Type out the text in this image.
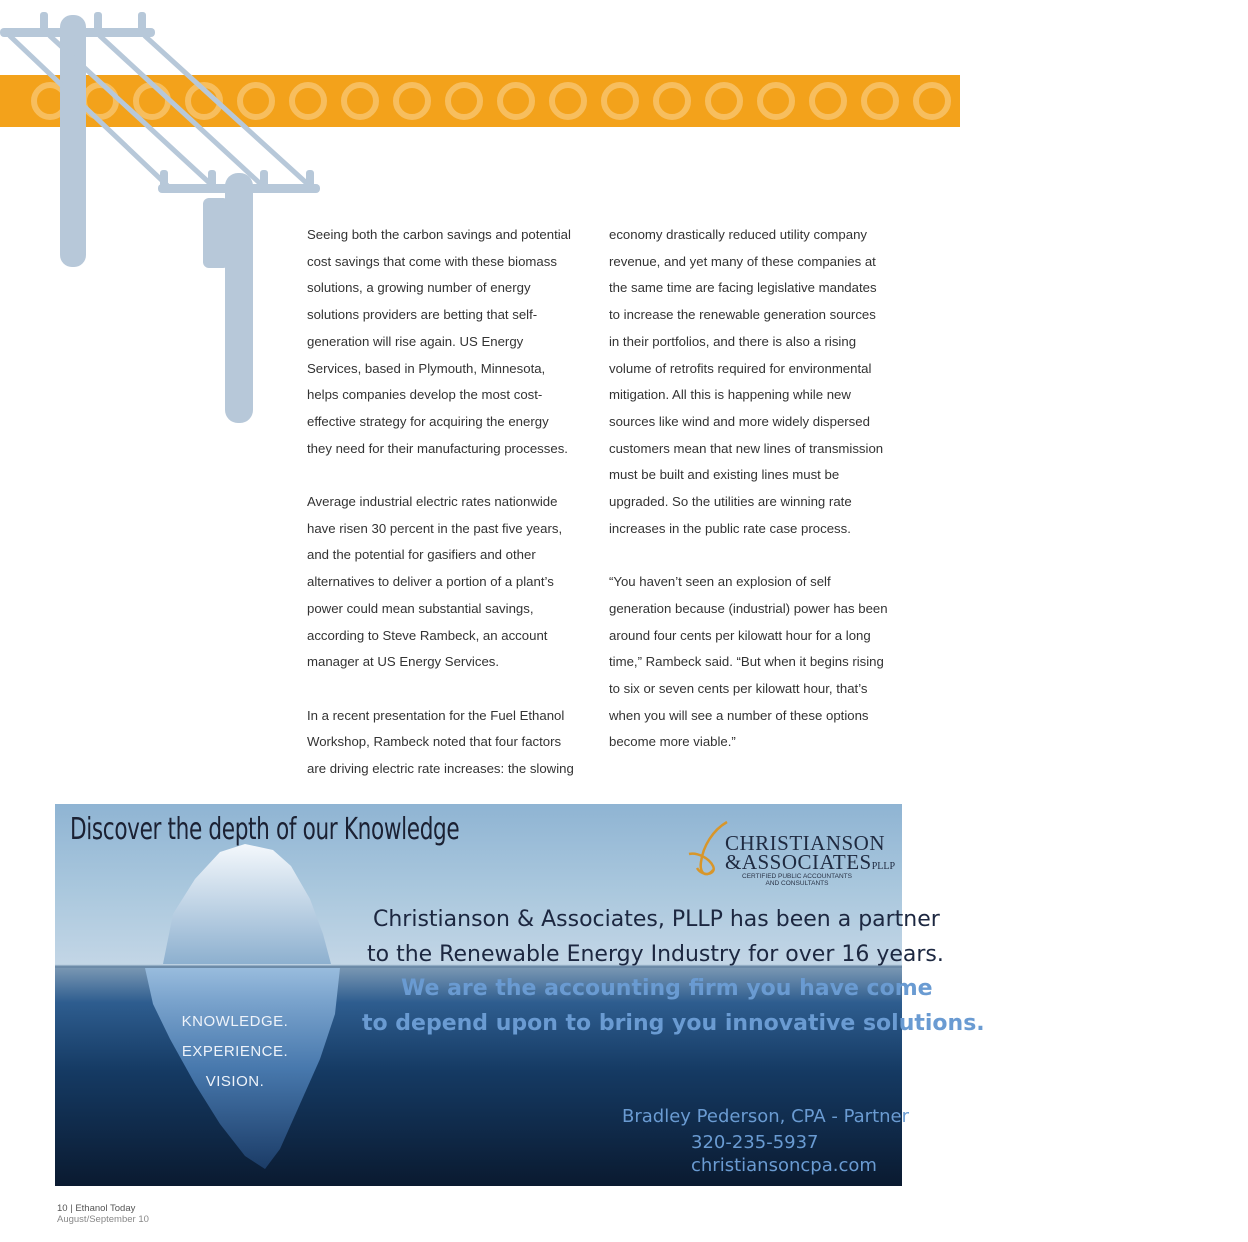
Seeing both the carbon savings and potential cost savings that come with these biomass solutions, a growing number of energy solutions providers are betting that self-generation will rise again. US Energy Services, based in Plymouth, Minnesota, helps companies develop the most cost-effective strategy for acquiring the energy they need for their manufacturing processes.

Average industrial electric rates nationwide have risen 30 percent in the past five years, and the potential for gasifiers and other alternatives to deliver a portion of a plant’s power could mean substantial savings, according to Steve Rambeck, an account manager at US Energy Services.

In a recent presentation for the Fuel Ethanol Workshop, Rambeck noted that four factors are driving electric rate increases: the slowing

economy drastically reduced utility company revenue, and yet many of these companies at the same time are facing legislative mandates to increase the renewable generation sources in their portfolios, and there is also a rising volume of retrofits required for environmental mitigation. All this is happening while new sources like wind and more widely dispersed customers mean that new lines of transmission must be built and existing lines must be upgraded. So the utilities are winning rate increases in the public rate case process.

“You haven’t seen an explosion of self generation because (industrial) power has been around four cents per kilowatt hour for a long time,” Rambeck said. “But when it begins rising to six or seven cents per kilowatt hour, that’s when you will see a number of these options become more viable.”

Discover the depth of our Knowledge	CHRISTIANSON
&ASSOCIATESPLLP
CERTIFIED PUBLIC ACCOUNTANTS
AND CONSULTANTS
Christianson & Associates, PLLP has been a partner
to the Renewable Energy Industry for over 16 years.
We are the accounting firm you have come
to depend upon to bring you innovative solutions.
KNOWLEDGE.
EXPERIENCE.
VISION.
Bradley Pederson, CPA - Partner
320-235-5937
christiansoncpa.com
10 | Ethanol Today
August/September 10
